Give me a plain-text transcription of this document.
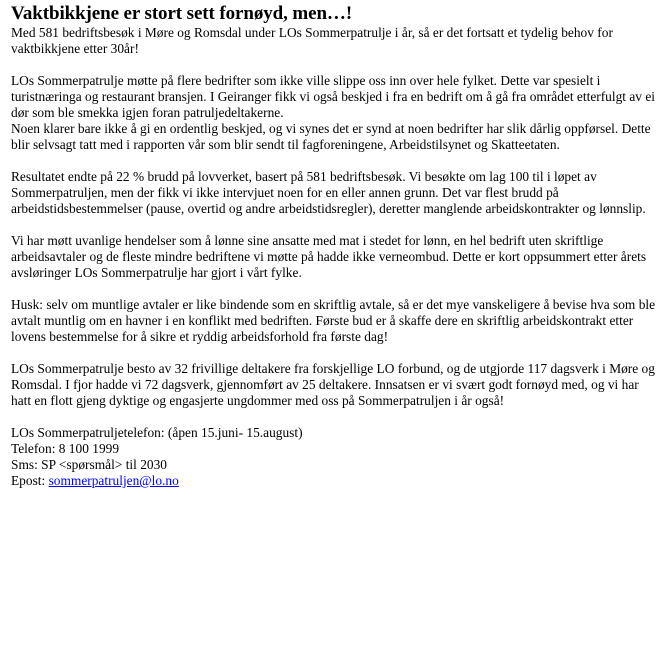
Vaktbikkjene er stort sett fornøyd, men…!

Med 581 bedriftsbesøk i Møre og Romsdal under LOs Sommerpatrulje i år, så er det fortsatt et tydelig behov for vaktbikkjene etter 30år!

LOs Sommerpatrulje møtte på flere bedrifter som ikke ville slippe oss inn over hele fylket. Dette var spesielt i turistnæringa og restaurant bransjen. I Geiranger fikk vi også beskjed i fra en bedrift om å gå fra området etterfulgt av ei dør som ble smekka igjen foran patruljedeltakerne.
Noen klarer bare ikke å gi en ordentlig beskjed, og vi synes det er synd at noen bedrifter har slik dårlig oppførsel. Dette blir selvsagt tatt med i rapporten vår som blir sendt til fagforeningene, Arbeidstilsynet og Skatteetaten.

Resultatet endte på 22 % brudd på lovverket, basert på 581 bedriftsbesøk. Vi besøkte om lag 100 til i løpet av Sommerpatruljen, men der fikk vi ikke intervjuet noen for en eller annen grunn. Det var flest brudd på arbeidstidsbestemmelser (pause, overtid og andre arbeidstidsregler), deretter manglende arbeidskontrakter og lønnslip.

Vi har møtt uvanlige hendelser som å lønne sine ansatte med mat i stedet for lønn, en hel bedrift uten skriftlige arbeidsavtaler og de fleste mindre bedriftene vi møtte på hadde ikke verneombud. Dette er kort oppsummert etter årets avsløringer LOs Sommerpatrulje har gjort i vårt fylke.

Husk: selv om muntlige avtaler er like bindende som en skriftlig avtale, så er det mye vanskeligere å bevise hva som ble avtalt muntlig om en havner i en konflikt med bedriften. Første bud er å skaffe dere en skriftlig arbeidskontrakt etter lovens bestemmelse for å sikre et ryddig arbeidsforhold fra første dag!

LOs Sommerpatrulje besto av 32 frivillige deltakere fra forskjellige LO forbund, og de utgjorde 117 dagsverk i Møre og Romsdal. I fjor hadde vi 72 dagsverk, gjennomført av 25 deltakere. Innsatsen er vi svært godt fornøyd med, og vi har hatt en flott gjeng dyktige og engasjerte ungdommer med oss på Sommerpatruljen i år også!

LOs Sommerpatruljetelefon: (åpen 15.juni- 15.august)
Telefon: 8 100 1999
Sms: SP <spørsmål> til 2030
Epost: sommerpatruljen@lo.no
